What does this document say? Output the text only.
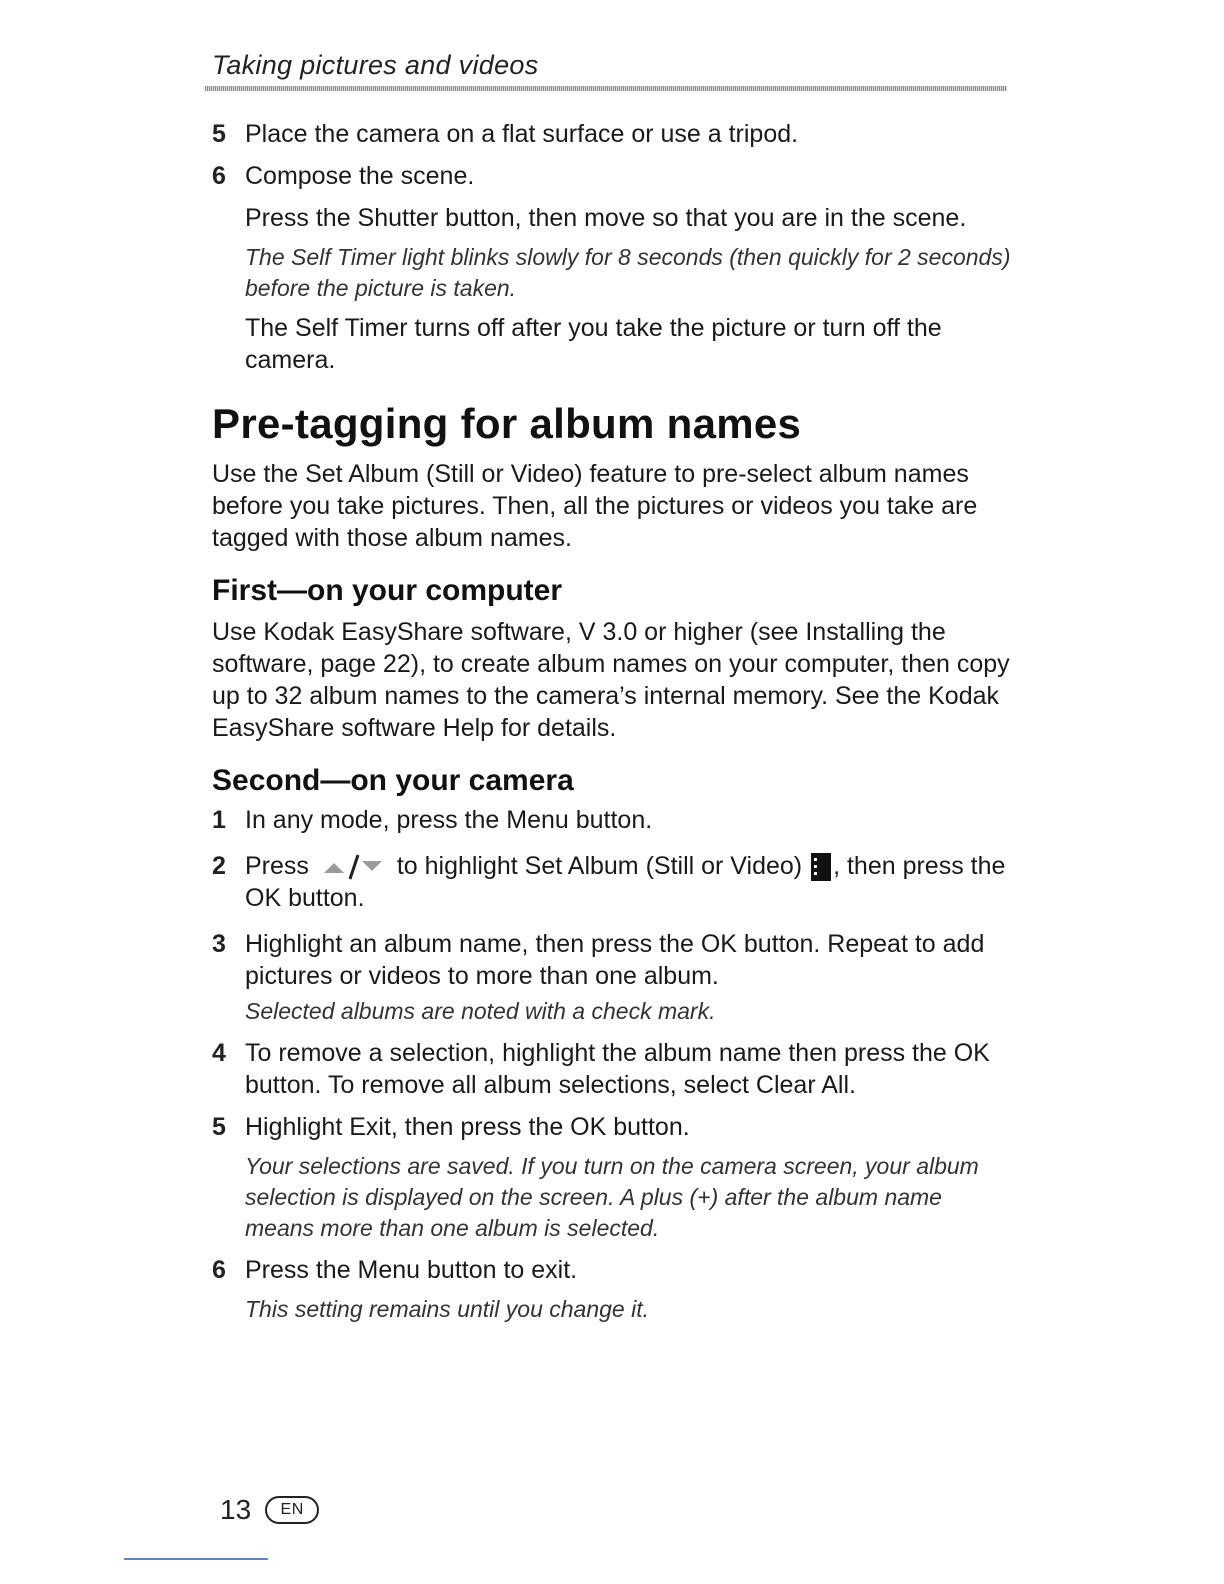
Taking pictures and videos
5 Place the camera on a flat surface or use a tripod.
6 Compose the scene.
Press the Shutter button, then move so that you are in the scene.
The Self Timer light blinks slowly for 8 seconds (then quickly for 2 seconds)
before the picture is taken.
The Self Timer turns off after you take the picture or turn off the camera.
Pre-tagging for album names
Use the Set Album (Still or Video) feature to pre-select album names before you take pictures. Then, all the pictures or videos you take are tagged with those album names.
First—on your computer
Use Kodak EasyShare software, V 3.0 or higher (see Installing the software, page 22), to create album names on your computer, then copy up to 32 album names to the camera’s internal memory. See the Kodak EasyShare software Help for details.
Second—on your camera
1 In any mode, press the Menu button.
2 Press	to highlight Set Album (Still or Video) , then press the OK button.
3 Highlight an album name, then press the OK button. Repeat to add pictures or videos to more than one album.
Selected albums are noted with a check mark.
4 To remove a selection, highlight the album name then press the OK button. To remove all album selections, select Clear All.
5 Highlight Exit, then press the OK button.
Your selections are saved. If you turn on the camera screen, your album selection is displayed on the screen. A plus (+) after the album name means more than one album is selected.
6 Press the Menu button to exit.
This setting remains until you change it.
13	EN
